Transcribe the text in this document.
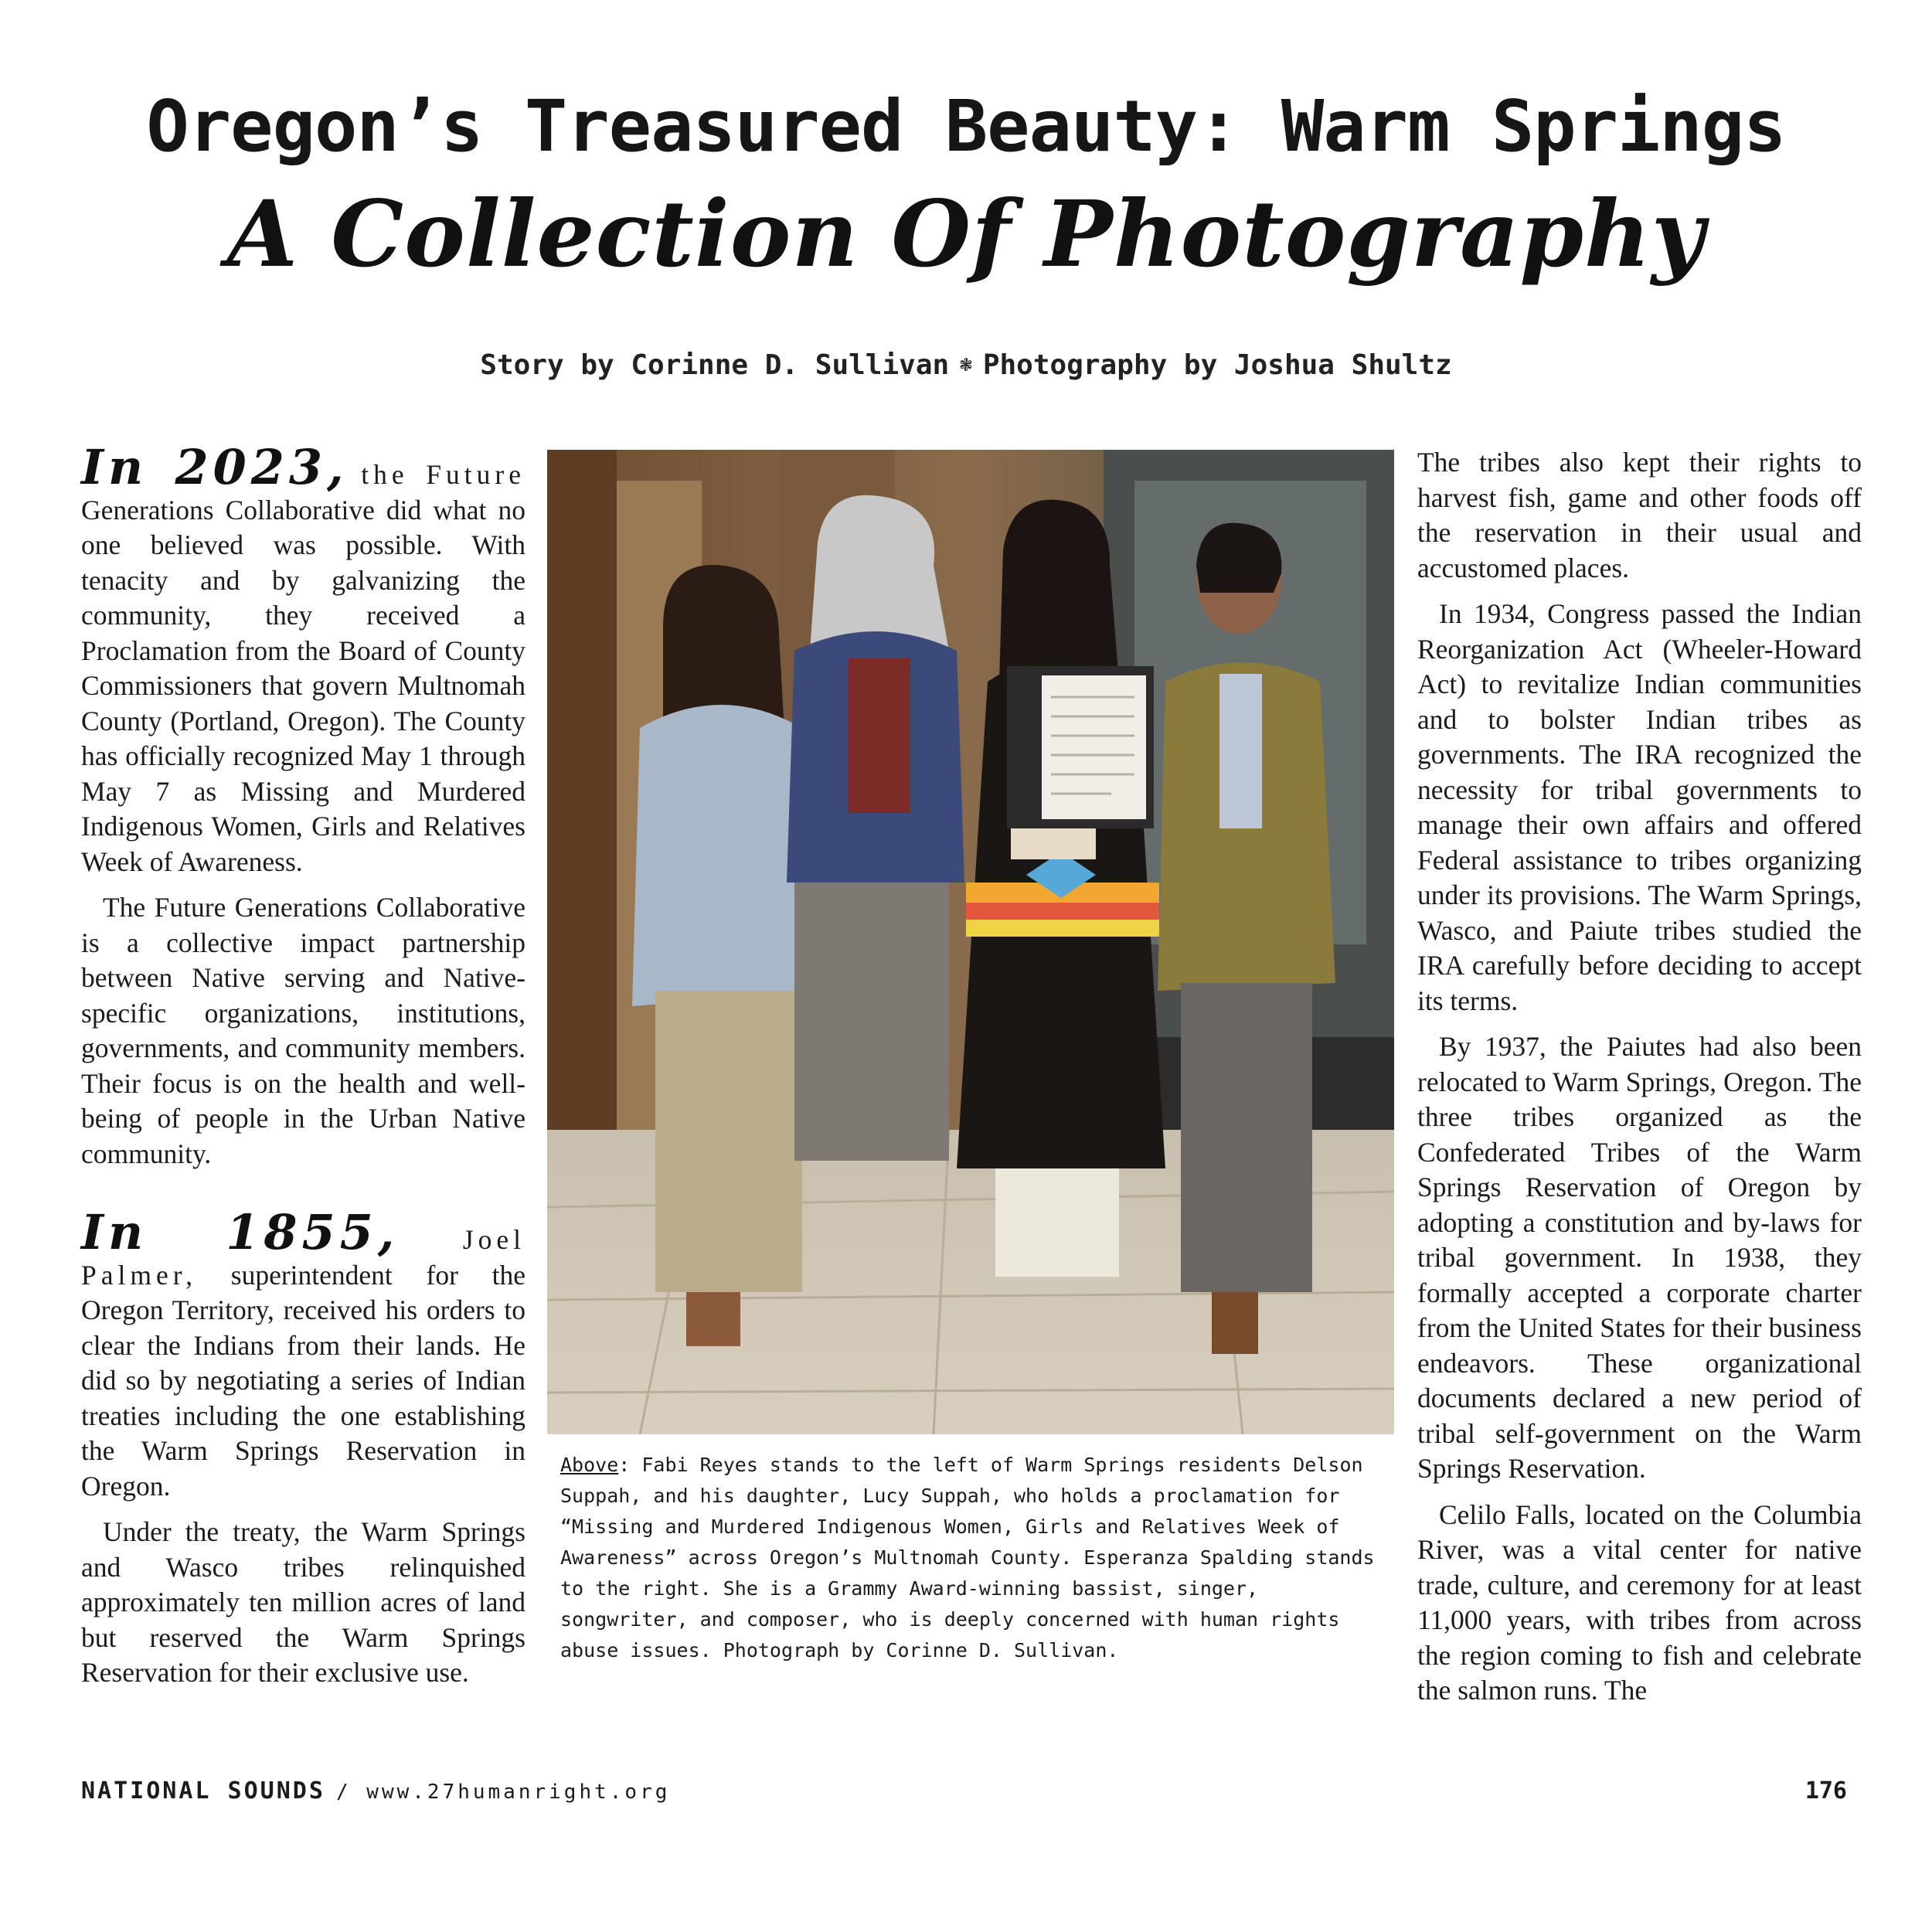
Oregon’s Treasured Beauty: Warm Springs
A Collection Of Photography
Story by Corinne D. Sullivan ❃ Photography by Joshua Shultz

In 2023, the Future Generations Collaborative did what no one believed was possible. With tenacity and by galvanizing the community, they received a Proclamation from the Board of County Commissioners that govern Multnomah County (Portland, Oregon). The County has officially recognized May 1 through May 7 as Missing and Murdered Indigenous Women, Girls and Relatives Week of Awareness.

The Future Generations Collaborative is a collective impact partnership between Native serving and Native-specific organizations, institutions, governments, and community members. Their focus is on the health and well-being of people in the Urban Native community.

In 1855, Joel Palmer, superintendent for the Oregon Territory, received his orders to clear the Indians from their lands. He did so by negotiating a series of Indian treaties including the one establishing the Warm Springs Reservation in Oregon.

Under the treaty, the Warm Springs and Wasco tribes relinquished approximately ten million acres of land but reserved the Warm Springs Reservation for their exclusive use.

Above: Fabi Reyes stands to the left of Warm Springs residents Delson Suppah, and his daughter, Lucy Suppah, who holds a proclamation for “Missing and Murdered Indigenous Women, Girls and Relatives Week of Awareness” across Oregon’s Multnomah County. Esperanza Spalding stands to the right. She is a Grammy Award-winning bassist, singer, songwriter, and composer, who is deeply concerned with human rights abuse issues. Photograph by Corinne D. Sullivan.

The tribes also kept their rights to harvest fish, game and other foods off the reservation in their usual and accustomed places.

In 1934, Congress passed the Indian Reorganization Act (Wheeler-Howard Act) to revitalize Indian communities and to bolster Indian tribes as governments. The IRA recognized the necessity for tribal governments to manage their own affairs and offered Federal assistance to tribes organizing under its provisions. The Warm Springs, Wasco, and Paiute tribes studied the IRA carefully before deciding to accept its terms.

By 1937, the Paiutes had also been relocated to Warm Springs, Oregon. The three tribes organized as the Confederated Tribes of the Warm Springs Reservation of Oregon by adopting a constitution and by-laws for tribal government. In 1938, they formally accepted a corporate charter from the United States for their business endeavors. These organizational documents declared a new period of tribal self-government on the Warm Springs Reservation.

Celilo Falls, located on the Columbia River, was a vital center for native trade, culture, and ceremony for at least 11,000 years, with tribes from across the region coming to fish and celebrate the salmon runs. The

NATIONAL SOUNDS / www.27humanright.org	176
